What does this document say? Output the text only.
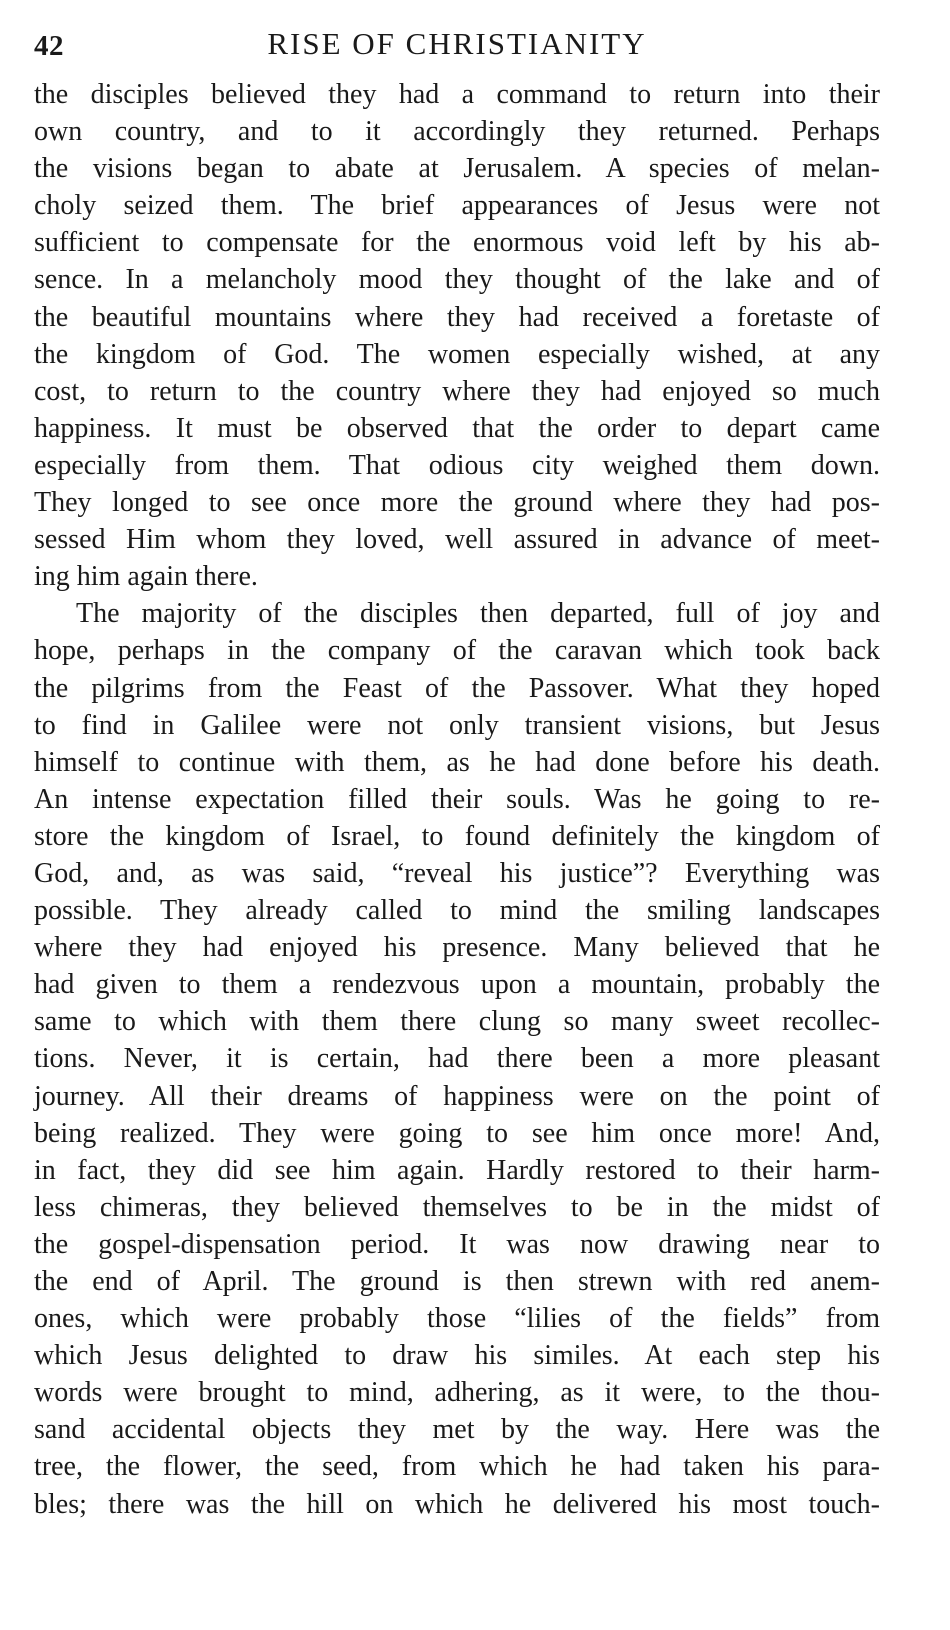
42	RISE OF CHRISTIANITY
the disciples believed they had a command to return into their
own country, and to it accordingly they returned. Perhaps
the visions began to abate at Jerusalem. A species of melan-
choly seized them. The brief appearances of Jesus were not
sufficient to compensate for the enormous void left by his ab-
sence. In a melancholy mood they thought of the lake and of
the beautiful mountains where they had received a foretaste of
the kingdom of God. The women especially wished, at any
cost, to return to the country where they had enjoyed so much
happiness. It must be observed that the order to depart came
especially from them. That odious city weighed them down.
They longed to see once more the ground where they had pos-
sessed Him whom they loved, well assured in advance of meet-
ing him again there.
The majority of the disciples then departed, full of joy and
hope, perhaps in the company of the caravan which took back
the pilgrims from the Feast of the Passover. What they hoped
to find in Galilee were not only transient visions, but Jesus
himself to continue with them, as he had done before his death.
An intense expectation filled their souls. Was he going to re-
store the kingdom of Israel, to found definitely the kingdom of
God, and, as was said, “reveal his justice”? Everything was
possible. They already called to mind the smiling landscapes
where they had enjoyed his presence. Many believed that he
had given to them a rendezvous upon a mountain, probably the
same to which with them there clung so many sweet recollec-
tions. Never, it is certain, had there been a more pleasant
journey. All their dreams of happiness were on the point of
being realized. They were going to see him once more! And,
in fact, they did see him again. Hardly restored to their harm-
less chimeras, they believed themselves to be in the midst of
the gospel-dispensation period. It was now drawing near to
the end of April. The ground is then strewn with red anem-
ones, which were probably those “lilies of the fields” from
which Jesus delighted to draw his similes. At each step his
words were brought to mind, adhering, as it were, to the thou-
sand accidental objects they met by the way. Here was the
tree, the flower, the seed, from which he had taken his para-
bles; there was the hill on which he delivered his most touch-
